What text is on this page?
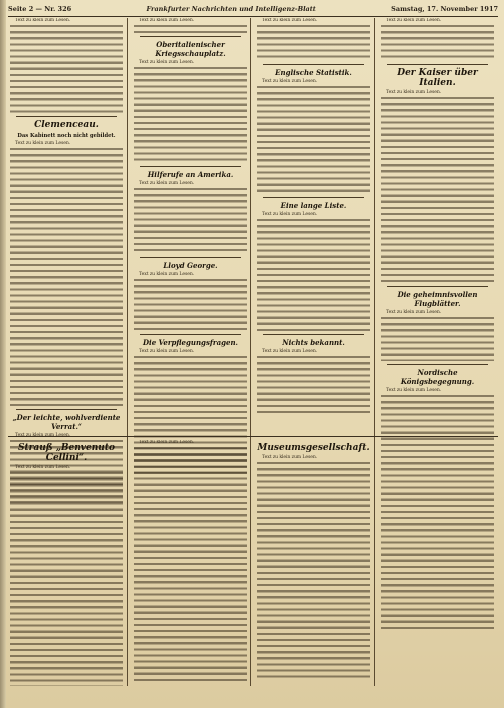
Seite 2 — Nr. 326	Frankfurter Nachrichten und Intelligenz-Blatt	Samstag, 17. November 1917

Text zu klein zum Lesen.

Clemenceau.
Das Kabinett noch nicht gebildet.

Text zu klein zum Lesen.

„Der leichte, wohlverdiente Verrat.“

Text zu klein zum Lesen.

Oberitalienischer Kriegsschauplatz.

Text zu klein zum Lesen.

Hilferufe an Amerika.

Text zu klein zum Lesen.

Lloyd George.

Text zu klein zum Lesen.

Die Verpflegungsfragen.

Text zu klein zum Lesen.

Text zu klein zum Lesen.

Englische Statistik.

Text zu klein zum Lesen.

Eine lange Liste.

Text zu klein zum Lesen.

Nichts bekannt.

Text zu klein zum Lesen.

Text zu klein zum Lesen.

Der Kaiser über Italien.

Text zu klein zum Lesen.

Die geheimnisvollen Flugblätter.

Text zu klein zum Lesen.

Nordische Königsbegegnung.

Text zu klein zum Lesen.

Strauß „Benvenuto Cellini“.

Text zu klein zum Lesen.

Text zu klein zum Lesen.

Museumsgesellschaft.

Text zu klein zum Lesen.
